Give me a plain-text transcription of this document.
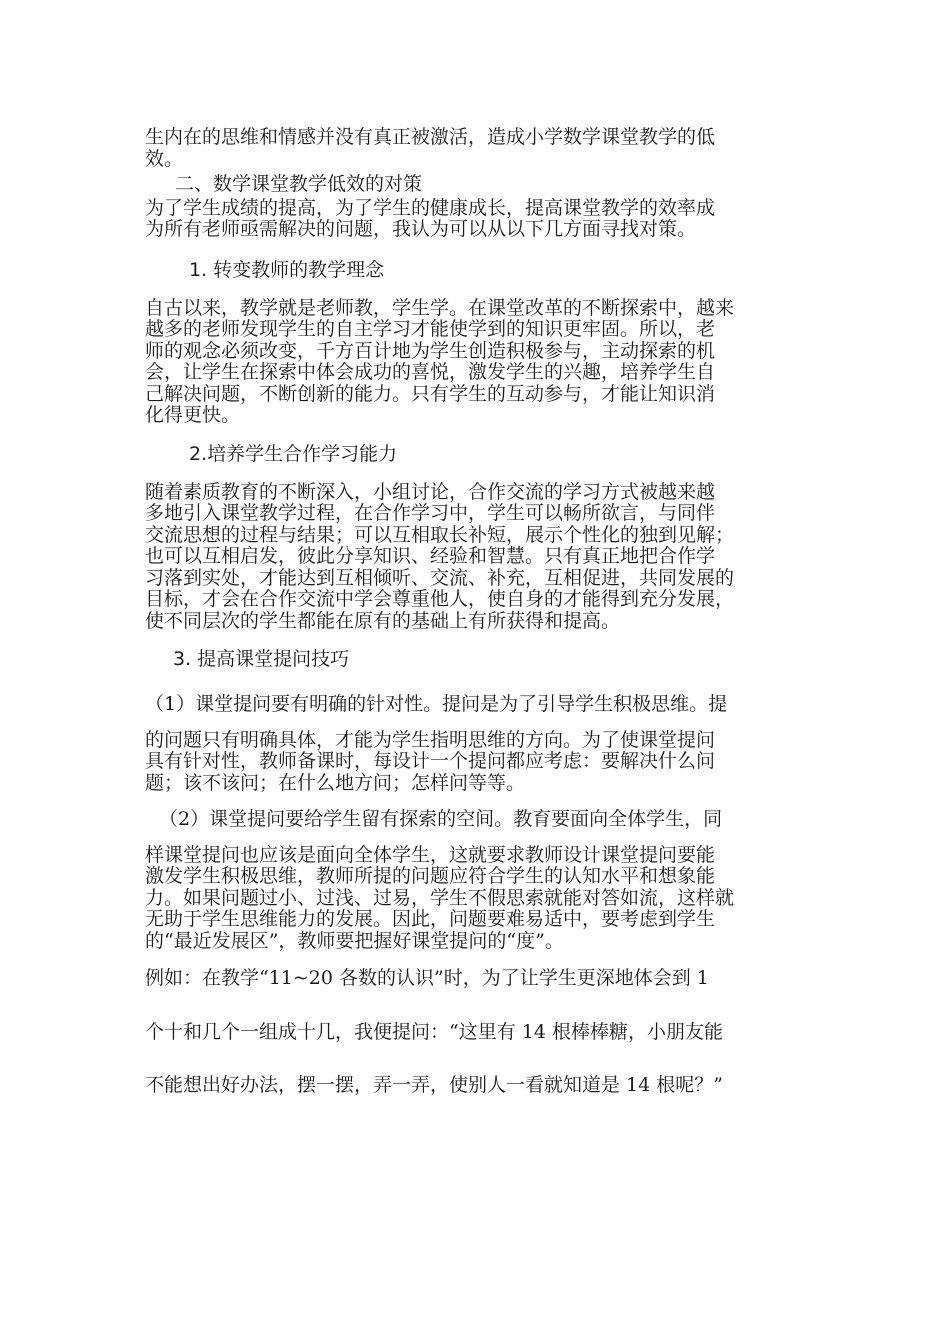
生内在的思维和情感并没有真正被激活，造成小学数学课堂教学的低

效。

二、数学课堂教学低效的对策

为了学生成绩的提高，为了学生的健康成长，提高课堂教学的效率成

为所有老师亟需解决的问题，我认为可以从以下几方面寻找对策。

1. 转变教师的教学理念

自古以来，教学就是老师教，学生学。在课堂改革的不断探索中，越来

越多的老师发现学生的自主学习才能使学到的知识更牢固。所以，老

师的观念必须改变，千方百计地为学生创造积极参与，主动探索的机

会，让学生在探索中体会成功的喜悦，激发学生的兴趣，培养学生自

己解决问题，不断创新的能力。只有学生的互动参与，才能让知识消

化得更快。

2.培养学生合作学习能力

随着素质教育的不断深入，小组讨论，合作交流的学习方式被越来越

多地引入课堂教学过程，在合作学习中，学生可以畅所欲言，与同伴

交流思想的过程与结果；可以互相取长补短，展示个性化的独到见解；

也可以互相启发，彼此分享知识、经验和智慧。只有真正地把合作学

习落到实处，才能达到互相倾听、交流、补充，互相促进，共同发展的

目标，才会在合作交流中学会尊重他人，使自身的才能得到充分发展，

使不同层次的学生都能在原有的基础上有所获得和提高。

3. 提高课堂提问技巧

（1）课堂提问要有明确的针对性。提问是为了引导学生积极思维。提

的问题只有明确具体，才能为学生指明思维的方向。为了使课堂提问

具有针对性，教师备课时，每设计一个提问都应考虑：要解决什么问

题；该不该问；在什么地方问；怎样问等等。

（2）课堂提问要给学生留有探索的空间。教育要面向全体学生，同

样课堂提问也应该是面向全体学生，这就要求教师设计课堂提问要能

激发学生积极思维，教师所提的问题应符合学生的认知水平和想象能

力。如果问题过小、过浅、过易，学生不假思索就能对答如流，这样就

无助于学生思维能力的发展。因此，问题要难易适中，要考虑到学生

的“最近发展区”，教师要把握好课堂提问的“度”。

例如：在教学“11~20 各数的认识”时，为了让学生更深地体会到 1

个十和几个一组成十几，我便提问：“这里有 14 根棒棒糖，小朋友能

不能想出好办法，摆一摆，弄一弄，使别人一看就知道是 14 根呢？”
